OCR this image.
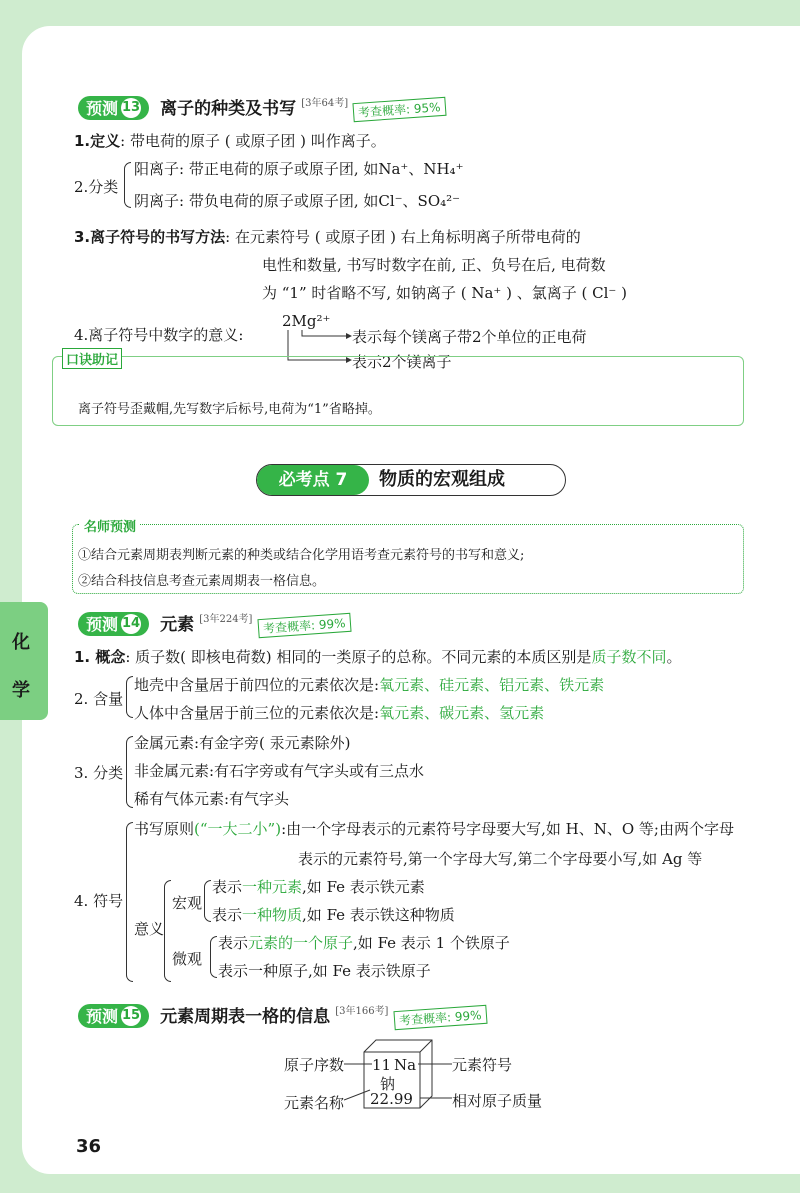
预测 13 离子的种类及书写 [3年64考] 考查概率: 95%
1.定义: 带电荷的原子 ( 或原子团 ) 叫作离子。
2.分类
阳离子: 带正电荷的原子或原子团, 如Na⁺、NH₄⁺
阴离子: 带负电荷的原子或原子团, 如Cl⁻、SO₄²⁻
3.离子符号的书写方法: 在元素符号 ( 或原子团 ) 右上角标明离子所带电荷的
电性和数量, 书写时数字在前, 正、负号在后, 电荷数
为 “1” 时省略不写, 如钠离子 ( Na⁺ ) 、氯离子 ( Cl⁻ )
4.离子符号中数字的意义:
2Mg²⁺
表示每个镁离子带2个单位的正电荷
表示2个镁离子
口诀助记
离子符号歪戴帽,先写数字后标号,电荷为“1”省略掉。
必考点 7	物质的宏观组成
名师预测
①结合元素周期表判断元素的种类或结合化学用语考查元素符号的书写和意义;
②结合科技信息考查元素周期表一格信息。
化
学
预测 14 元素 [3年224考] 考查概率: 99%
1. 概念: 质子数( 即核电荷数) 相同的一类原子的总称。不同元素的本质区别是质子数不同。
2. 含量
地壳中含量居于前四位的元素依次是:氧元素、硅元素、铝元素、铁元素
人体中含量居于前三位的元素依次是:氧元素、碳元素、氢元素
3. 分类
金属元素:有金字旁( 汞元素除外)
非金属元素:有石字旁或有气字头或有三点水
稀有气体元素:有气字头
4. 符号
书写原则(“一大二小”):由一个字母表示的元素符号字母要大写,如 H、N、O 等;由两个字母
表示的元素符号,第一个字母大写,第二个字母要小写,如 Ag 等
意义
宏观
表示一种元素,如 Fe 表示铁元素
表示一种物质,如 Fe 表示铁这种物质
微观
表示元素的一个原子,如 Fe 表示 1 个铁原子
表示一种原子,如 Fe 表示铁原子
预测 15 元素周期表一格的信息 [3年166考] 考查概率: 99%
11 Na
钠
22.99
原子序数
元素名称
元素符号
相对原子质量
36
